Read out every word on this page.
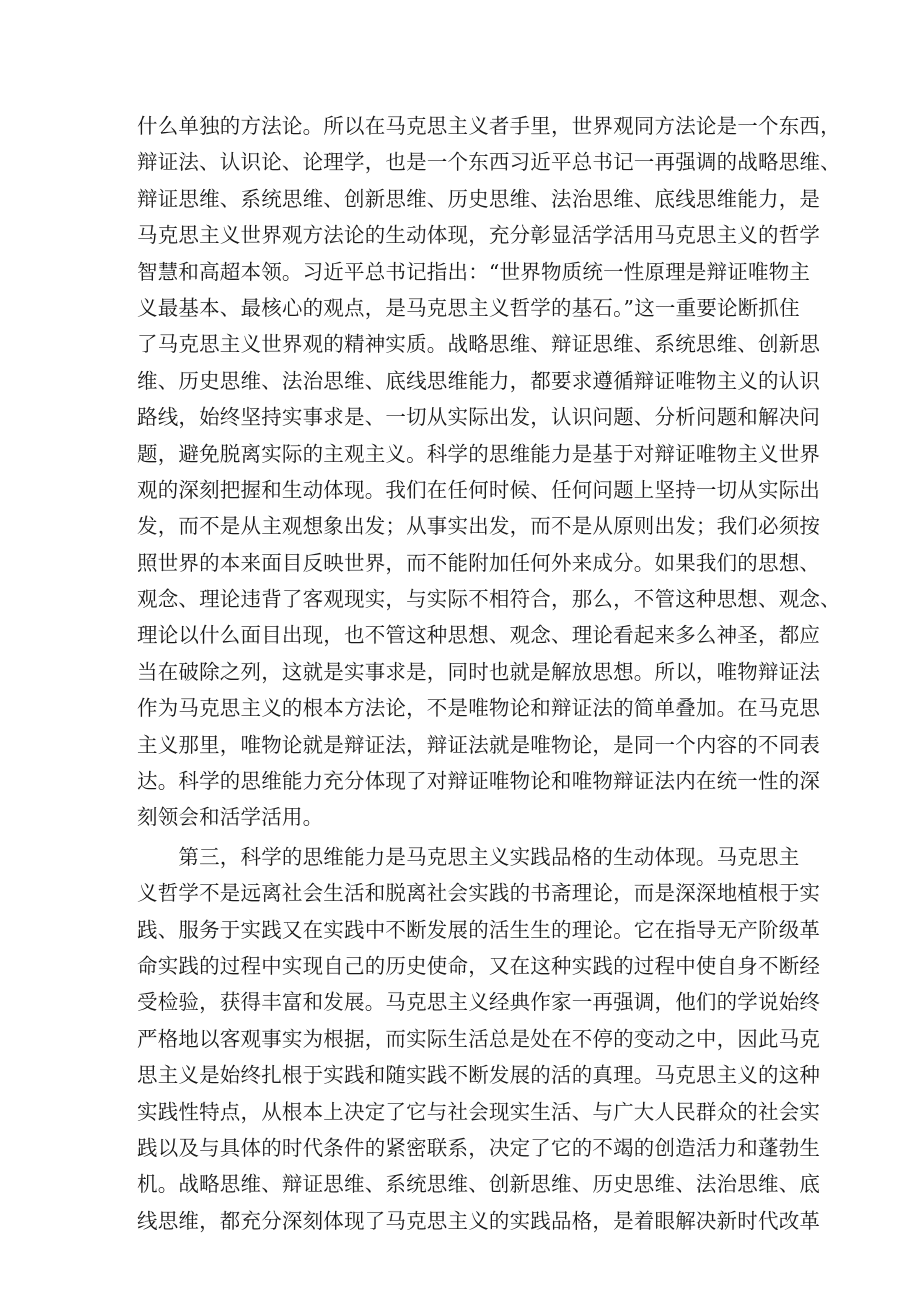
什么单独的方法论。所以在马克思主义者手里，世界观同方法论是一个东西，
辩证法、认识论、论理学，也是一个东西习近平总书记一再强调的战略思维、
辩证思维、系统思维、创新思维、历史思维、法治思维、底线思维能力，是
马克思主义世界观方法论的生动体现，充分彰显活学活用马克思主义的哲学
智慧和高超本领。习近平总书记指出：“世界物质统一性原理是辩证唯物主
义最基本、最核心的观点，是马克思主义哲学的基石。”这一重要论断抓住
了马克思主义世界观的精神实质。战略思维、辩证思维、系统思维、创新思
维、历史思维、法治思维、底线思维能力，都要求遵循辩证唯物主义的认识
路线，始终坚持实事求是、一切从实际出发，认识问题、分析问题和解决问
题，避免脱离实际的主观主义。科学的思维能力是基于对辩证唯物主义世界
观的深刻把握和生动体现。我们在任何时候、任何问题上坚持一切从实际出
发，而不是从主观想象出发；从事实出发，而不是从原则出发；我们必须按
照世界的本来面目反映世界，而不能附加任何外来成分。如果我们的思想、
观念、理论违背了客观现实，与实际不相符合，那么，不管这种思想、观念、
理论以什么面目出现，也不管这种思想、观念、理论看起来多么神圣，都应
当在破除之列，这就是实事求是，同时也就是解放思想。所以，唯物辩证法
作为马克思主义的根本方法论，不是唯物论和辩证法的简单叠加。在马克思
主义那里，唯物论就是辩证法，辩证法就是唯物论，是同一个内容的不同表
达。科学的思维能力充分体现了对辩证唯物论和唯物辩证法内在统一性的深
刻领会和活学活用。
　　第三，科学的思维能力是马克思主义实践品格的生动体现。马克思主
义哲学不是远离社会生活和脱离社会实践的书斋理论，而是深深地植根于实
践、服务于实践又在实践中不断发展的活生生的理论。它在指导无产阶级革
命实践的过程中实现自己的历史使命，又在这种实践的过程中使自身不断经
受检验，获得丰富和发展。马克思主义经典作家一再强调，他们的学说始终
严格地以客观事实为根据，而实际生活总是处在不停的变动之中，因此马克
思主义是始终扎根于实践和随实践不断发展的活的真理。马克思主义的这种
实践性特点，从根本上决定了它与社会现实生活、与广大人民群众的社会实
践以及与具体的时代条件的紧密联系，决定了它的不竭的创造活力和蓬勃生
机。战略思维、辩证思维、系统思维、创新思维、历史思维、法治思维、底
线思维，都充分深刻体现了马克思主义的实践品格，是着眼解决新时代改革
